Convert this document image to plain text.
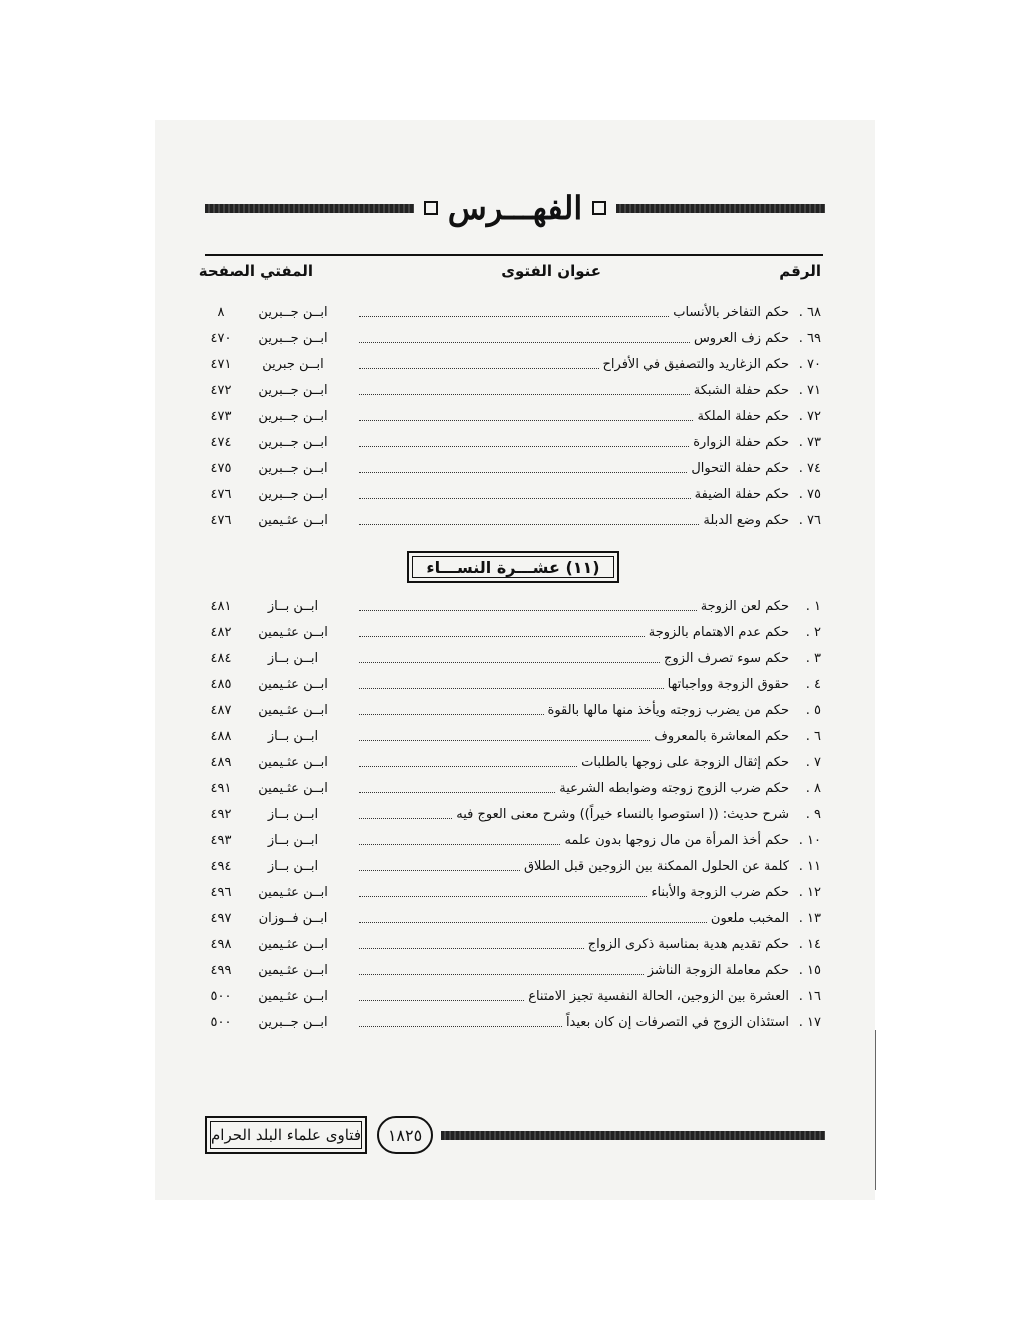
الفهـــرس
الرقم
عنوان الفتوى
المفتي
الصفحة
٦٨ .
حكم التفاخر بالأنساب
ابــن جــبرين
٨
٦٩ .
حكم زف العروس
ابــن جــبرين
٤٧٠
٧٠ .
حكم الزغاريد والتصفيق في الأفراح
ابــن جبرين
٤٧١
٧١ .
حكم حفلة الشبكة
ابــن جــبرين
٤٧٢
٧٢ .
حكم حفلة الملكة
ابــن جــبرين
٤٧٣
٧٣ .
حكم حفلة الزوارة
ابــن جــبرين
٤٧٤
٧٤ .
حكم حفلة التحوال
ابــن جــبرين
٤٧٥
٧٥ .
حكم حفلة الضيفة
ابــن جــبرين
٤٧٦
٧٦ .
حكم وضع الدبلة
ابــن عثـيمين
٤٧٦
(١١) عشـــرة النســـاء
١ .
حكم لعن الزوجة
ابــن بــاز
٤٨١
٢ .
حكم عدم الاهتمام بالزوجة
ابــن عثـيمين
٤٨٢
٣ .
حكم سوء تصرف الزوج
ابــن بــاز
٤٨٤
٤ .
حقوق الزوجة وواجباتها
ابــن عثـيمين
٤٨٥
٥ .
حكم من يضرب زوجته ويأخذ منها مالها بالقوة
ابــن عثـيمين
٤٨٧
٦ .
حكم المعاشرة بالمعروف
ابــن بــاز
٤٨٨
٧ .
حكم إثقال الزوجة على زوجها بالطلبات
ابــن عثـيمين
٤٨٩
٨ .
حكم ضرب الزوج زوجته وضوابطه الشرعية
ابــن عثـيمين
٤٩١
٩ .
شرح حديث: (( استوصوا بالنساء خيراً)) وشرح معنى العوج فيه
ابــن بــاز
٤٩٢
١٠ .
حكم أخذ المرأة من مال زوجها بدون علمه
ابــن بــاز
٤٩٣
١١ .
كلمة عن الحلول الممكنة بين الزوجين قبل الطلاق
ابــن بــاز
٤٩٤
١٢ .
حكم ضرب الزوجة والأبناء
ابــن عثـيمين
٤٩٦
١٣ .
المخبب ملعون
ابــن فــوزان
٤٩٧
١٤ .
حكم تقديم هدية بمناسبة ذكرى الزواج
ابــن عثـيمين
٤٩٨
١٥ .
حكم معاملة الزوجة الناشز
ابــن عثـيمين
٤٩٩
١٦ .
العشرة بين الزوجين، الحالة النفسية تجيز الامتناع
ابــن عثـيمين
٥٠٠
١٧ .
استئذان الزوج في التصرفات إن كان بعيداً
ابــن جــبرين
٥٠٠
فتاوى علماء البلد الحرام	١٨٢٥
